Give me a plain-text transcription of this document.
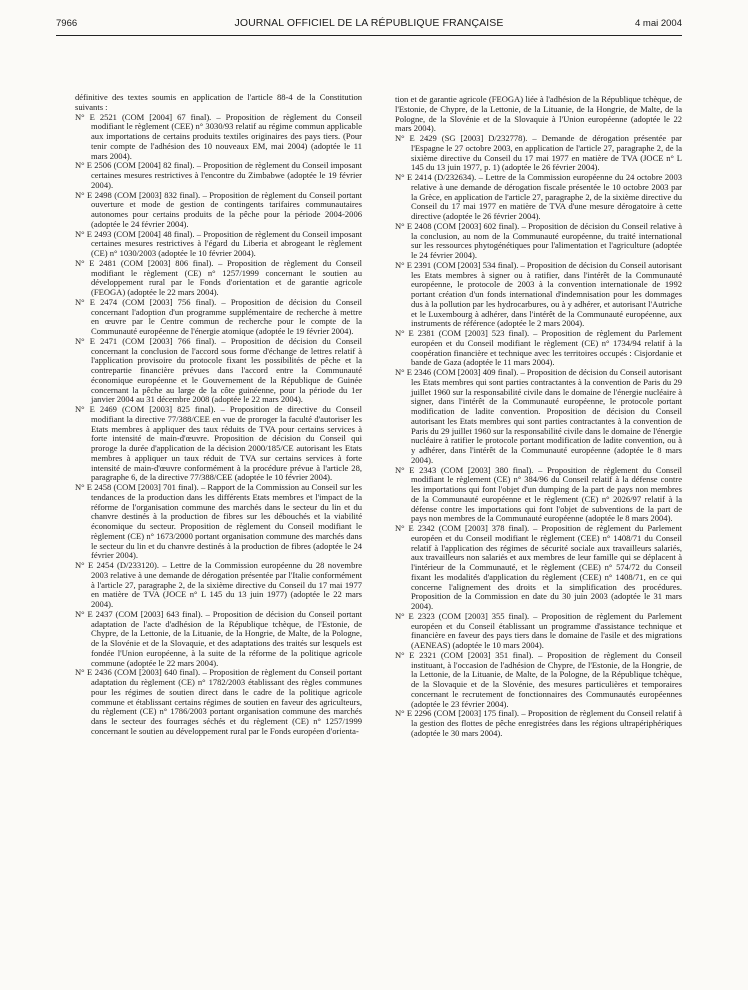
7966	JOURNAL OFFICIEL DE LA RÉPUBLIQUE FRANÇAISE	4 mai 2004

définitive des textes soumis en application de l'article 88-4 de la Constitution suivants :

N° E 2521 (COM [2004] 67 final). – Proposition de règlement du Conseil modifiant le règlement (CEE) n° 3030/93 relatif au régime commun applicable aux importations de certains produits textiles originaires des pays tiers. (Pour tenir compte de l'adhésion des 10 nouveaux EM, mai 2004) (adoptée le 11 mars 2004).

N° E 2506 (COM [2004] 82 final). – Proposition de règlement du Conseil imposant certaines mesures restrictives à l'encontre du Zimbabwe (adoptée le 19 février 2004).

N° E 2498 (COM [2003] 832 final). – Proposition de règlement du Conseil portant ouverture et mode de gestion de contingents tarifaires communautaires autonomes pour certains produits de la pêche pour la période 2004-2006 (adoptée le 24 février 2004).

N° E 2493 (COM [2004] 48 final). – Proposition de règlement du Conseil imposant certaines mesures restrictives à l'égard du Liberia et abrogeant le règlement (CE) n° 1030/2003 (adoptée le 10 février 2004).

N° E 2481 (COM [2003] 806 final). – Proposition de règlement du Conseil modifiant le règlement (CE) n° 1257/1999 concernant le soutien au développement rural par le Fonds d'orientation et de garantie agricole (FEOGA) (adoptée le 22 mars 2004).

N° E 2474 (COM [2003] 756 final). – Proposition de décision du Conseil concernant l'adoption d'un programme supplémentaire de recherche à mettre en œuvre par le Centre commun de recherche pour le compte de la Communauté européenne de l'énergie atomique (adoptée le 19 février 2004).

N° E 2471 (COM [2003] 766 final). – Proposition de décision du Conseil concernant la conclusion de l'accord sous forme d'échange de lettres relatif à l'application provisoire du protocole fixant les possibilités de pêche et la contrepartie financière prévues dans l'accord entre la Communauté économique européenne et le Gouvernement de la République de Guinée concernant la pêche au large de la côte guinéenne, pour la période du 1er janvier 2004 au 31 décembre 2008 (adoptée le 22 mars 2004).

N° E 2469 (COM [2003] 825 final). – Proposition de directive du Conseil modifiant la directive 77/388/CEE en vue de proroger la faculté d'autoriser les Etats membres à appliquer des taux réduits de TVA pour certains services à forte intensité de main-d'œuvre. Proposition de décision du Conseil qui proroge la durée d'application de la décision 2000/185/CE autorisant les Etats membres à appliquer un taux réduit de TVA sur certains services à forte intensité de main-d'œuvre conformément à la procédure prévue à l'article 28, paragraphe 6, de la directive 77/388/CEE (adoptée le 10 février 2004).

N° E 2458 (COM [2003] 701 final). – Rapport de la Commission au Conseil sur les tendances de la production dans les différents Etats membres et l'impact de la réforme de l'organisation commune des marchés dans le secteur du lin et du chanvre destinés à la production de fibres sur les débouchés et la viabilité économique du secteur. Proposition de règlement du Conseil modifiant le règlement (CE) n° 1673/2000 portant organisation commune des marchés dans le secteur du lin et du chanvre destinés à la production de fibres (adoptée le 24 février 2004).

N° E 2454 (D/233120). – Lettre de la Commission européenne du 28 novembre 2003 relative à une demande de dérogation présentée par l'Italie conformément à l'article 27, paragraphe 2, de la sixième directive du Conseil du 17 mai 1977 en matière de TVA (JOCE n° L 145 du 13 juin 1977) (adoptée le 22 mars 2004).

N° E 2437 (COM [2003] 643 final). – Proposition de décision du Conseil portant adaptation de l'acte d'adhésion de la République tchèque, de l'Estonie, de Chypre, de la Lettonie, de la Lituanie, de la Hongrie, de Malte, de la Pologne, de la Slovénie et de la Slovaquie, et des adaptations des traités sur lesquels est fondée l'Union européenne, à la suite de la réforme de la politique agricole commune (adoptée le 22 mars 2004).

N° E 2436 (COM [2003] 640 final). – Proposition de règlement du Conseil portant adaptation du règlement (CE) n° 1782/2003 établissant des règles communes pour les régimes de soutien direct dans le cadre de la politique agricole commune et établissant certains régimes de soutien en faveur des agriculteurs, du règlement (CE) n° 1786/2003 portant organisation commune des marchés dans le secteur des fourrages séchés et du règlement (CE) n° 1257/1999 concernant le soutien au développement rural par le Fonds européen d'orienta-

tion et de garantie agricole (FEOGA) liée à l'adhésion de la République tchèque, de l'Estonie, de Chypre, de la Lettonie, de la Lituanie, de la Hongrie, de Malte, de la Pologne, de la Slovénie et de la Slovaquie à l'Union européenne (adoptée le 22 mars 2004).

N° E 2429 (SG [2003] D/232778). – Demande de dérogation présentée par l'Espagne le 27 octobre 2003, en application de l'article 27, paragraphe 2, de la sixième directive du Conseil du 17 mai 1977 en matière de TVA (JOCE n° L 145 du 13 juin 1977, p. 1) (adoptée le 26 février 2004).

N° E 2414 (D/232634). – Lettre de la Commission européenne du 24 octobre 2003 relative à une demande de dérogation fiscale présentée le 10 octobre 2003 par la Grèce, en application de l'article 27, paragraphe 2, de la sixième directive du Conseil du 17 mai 1977 en matière de TVA d'une mesure dérogatoire à cette directive (adoptée le 26 février 2004).

N° E 2408 (COM [2003] 602 final). – Proposition de décision du Conseil relative à la conclusion, au nom de la Communauté européenne, du traité international sur les ressources phytogénétiques pour l'alimentation et l'agriculture (adoptée le 24 février 2004).

N° E 2391 (COM [2003] 534 final). – Proposition de décision du Conseil autorisant les Etats membres à signer ou à ratifier, dans l'intérêt de la Communauté européenne, le protocole de 2003 à la convention internationale de 1992 portant création d'un fonds international d'indemnisation pour les dommages dus à la pollution par les hydrocarbures, ou à y adhérer, et autorisant l'Autriche et le Luxembourg à adhérer, dans l'intérêt de la Communauté européenne, aux instruments de référence (adoptée le 2 mars 2004).

N° E 2381 (COM [2003] 523 final). – Proposition de règlement du Parlement européen et du Conseil modifiant le règlement (CE) n° 1734/94 relatif à la coopération financière et technique avec les territoires occupés : Cisjordanie et bande de Gaza (adoptée le 11 mars 2004).

N° E 2346 (COM [2003] 409 final). – Proposition de décision du Conseil autorisant les Etats membres qui sont parties contractantes à la convention de Paris du 29 juillet 1960 sur la responsabilité civile dans le domaine de l'énergie nucléaire à signer, dans l'intérêt de la Communauté européenne, le protocole portant modification de ladite convention. Proposition de décision du Conseil autorisant les Etats membres qui sont parties contractantes à la convention de Paris du 29 juillet 1960 sur la responsabilité civile dans le domaine de l'énergie nucléaire à ratifier le protocole portant modification de ladite convention, ou à y adhérer, dans l'intérêt de la Communauté européenne (adoptée le 8 mars 2004).

N° E 2343 (COM [2003] 380 final). – Proposition de règlement du Conseil modifiant le règlement (CE) n° 384/96 du Conseil relatif à la défense contre les importations qui font l'objet d'un dumping de la part de pays non membres de la Communauté européenne et le règlement (CE) n° 2026/97 relatif à la défense contre les importations qui font l'objet de subventions de la part de pays non membres de la Communauté européenne (adoptée le 8 mars 2004).

N° E 2342 (COM [2003] 378 final). – Proposition de règlement du Parlement européen et du Conseil modifiant le règlement (CEE) n° 1408/71 du Conseil relatif à l'application des régimes de sécurité sociale aux travailleurs salariés, aux travailleurs non salariés et aux membres de leur famille qui se déplacent à l'intérieur de la Communauté, et le règlement (CEE) n° 574/72 du Conseil fixant les modalités d'application du règlement (CEE) n° 1408/71, en ce qui concerne l'alignement des droits et la simplification des procédures. Proposition de la Commission en date du 30 juin 2003 (adoptée le 31 mars 2004).

N° E 2323 (COM [2003] 355 final). – Proposition de règlement du Parlement européen et du Conseil établissant un programme d'assistance technique et financière en faveur des pays tiers dans le domaine de l'asile et des migrations (AENEAS) (adoptée le 10 mars 2004).

N° E 2321 (COM [2003] 351 final). – Proposition de règlement du Conseil instituant, à l'occasion de l'adhésion de Chypre, de l'Estonie, de la Hongrie, de la Lettonie, de la Lituanie, de Malte, de la Pologne, de la République tchèque, de la Slovaquie et de la Slovénie, des mesures particulières et temporaires concernant le recrutement de fonctionnaires des Communautés européennes (adoptée le 23 février 2004).

N° E 2296 (COM [2003] 175 final). – Proposition de règlement du Conseil relatif à la gestion des flottes de pêche enregistrées dans les régions ultrapériphériques (adoptée le 30 mars 2004).
